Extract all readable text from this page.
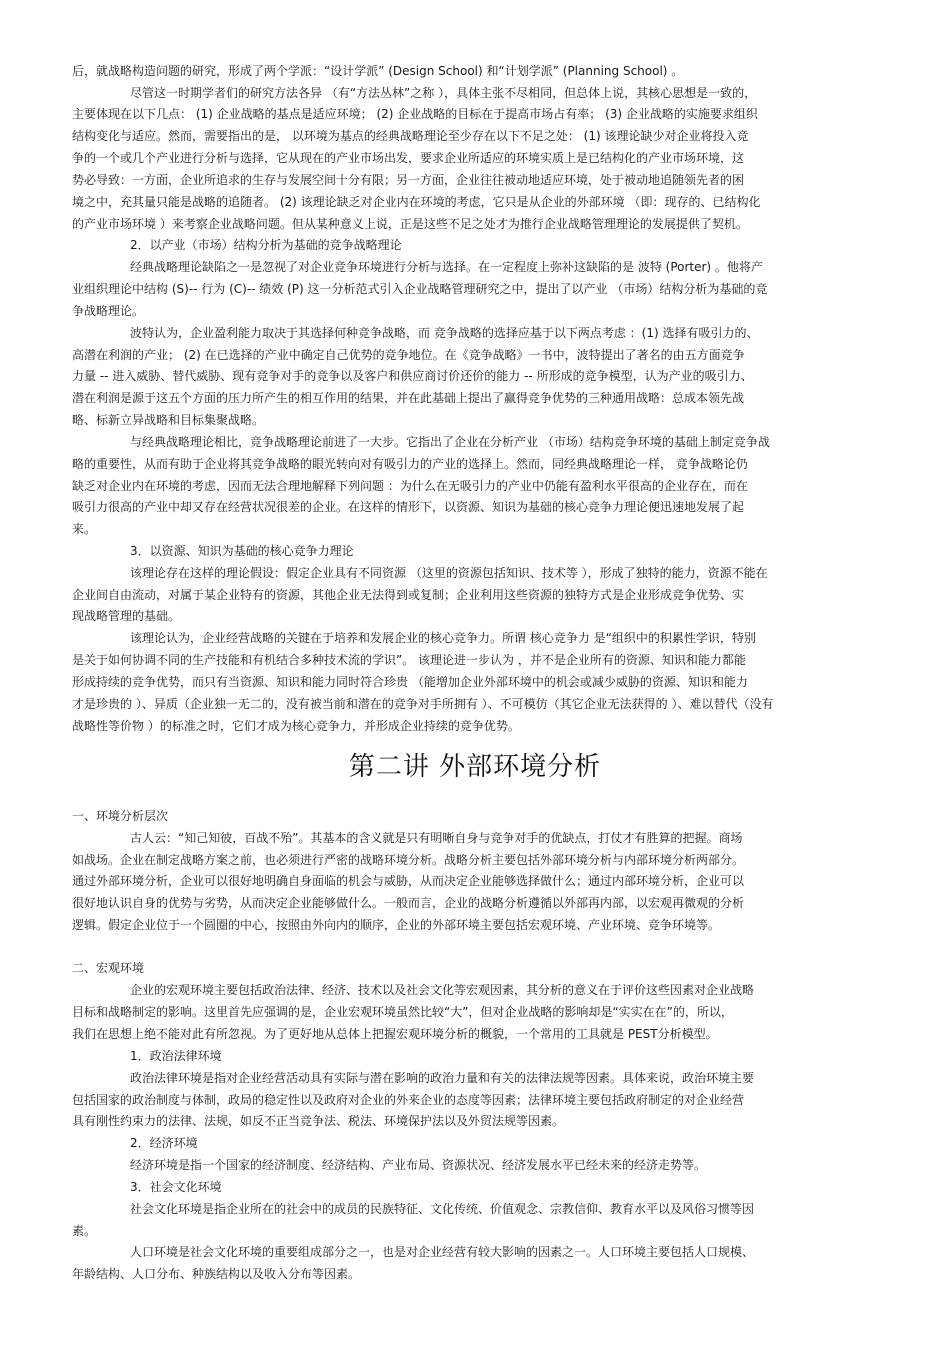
后，就战略构造问题的研究，形成了两个学派：“设计学派” (Design School) 和“计划学派” (Planning School) 。
尽管这一时期学者们的研究方法各异 （有“方法丛林”之称 ），具体主张不尽相同，但总体上说，其核心思想是一致的，
主要体现在以下几点： (1) 企业战略的基点是适应环境； (2) 企业战略的目标在于提高市场占有率； (3) 企业战略的实施要求组织
结构变化与适应。然而，需要指出的是， 以环境为基点的经典战略理论至少存在以下不足之处： (1) 该理论缺少对企业将投入竞
争的一个或几个产业进行分析与选择，它从现在的产业市场出发，要求企业所适应的环境实质上是已结构化的产业市场环境，这
势必导致：一方面，企业所追求的生存与发展空间十分有限；另一方面，企业往往被动地适应环境，处于被动地追随领先者的困
境之中，充其量只能是战略的追随者。 (2) 该理论缺乏对企业内在环境的考虑，它只是从企业的外部环境 （即：现存的、已结构化
的产业市场环境 ）来考察企业战略问题。但从某种意义上说，正是这些不足之处才为推行企业战略管理理论的发展提供了契机。
2．以产业（市场）结构分析为基础的竞争战略理论
经典战略理论缺陷之一是忽视了对企业竞争环境进行分析与选择。在一定程度上弥补这缺陷的是 波特 (Porter) 。他将产
业组织理论中结构 (S)-- 行为 (C)-- 绩效 (P) 这一分析范式引入企业战略管理研究之中，提出了以产业 （市场）结构分析为基础的竞
争战略理论。
波特认为，企业盈利能力取决于其选择何种竞争战略，而 竞争战略的选择应基于以下两点考虑 ：(1) 选择有吸引力的、
高潜在利润的产业； (2) 在已选择的产业中确定自己优势的竞争地位。在《竞争战略》一书中，波特提出了著名的由五方面竞争
力量 -- 进入威胁、替代威胁、现有竞争对手的竞争以及客户和供应商讨价还价的能力 -- 所形成的竞争模型，认为产业的吸引力、
潜在利润是源于这五个方面的压力所产生的相互作用的结果，并在此基础上提出了赢得竞争优势的三种通用战略：总成本领先战
略、标新立异战略和目标集聚战略。
与经典战略理论相比，竞争战略理论前进了一大步。它指出了企业在分析产业 （市场）结构竞争环境的基础上制定竞争战
略的重要性，从而有助于企业将其竞争战略的眼光转向对有吸引力的产业的选择上。然而，同经典战略理论一样， 竞争战略论仍
缺乏对企业内在环境的考虑，因而无法合理地解释下列问题 ：为什么在无吸引力的产业中仍能有盈利水平很高的企业存在，而在
吸引力很高的产业中却又存在经营状况很差的企业。在这样的情形下，以资源、知识为基础的核心竞争力理论便迅速地发展了起
来。
3．以资源、知识为基础的核心竞争力理论
该理论存在这样的理论假设：假定企业具有不同资源 （这里的资源包括知识、技术等 ），形成了独特的能力，资源不能在
企业间自由流动，对属于某企业特有的资源，其他企业无法得到或复制；企业利用这些资源的独特方式是企业形成竞争优势、实
现战略管理的基础。
该理论认为，企业经营战略的关键在于培养和发展企业的核心竞争力。所谓 核心竞争力 是“组织中的积累性学识，特别
是关于如何协调不同的生产技能和有机结合多种技术流的学识”。 该理论进一步认为 ，并不是企业所有的资源、知识和能力都能
形成持续的竞争优势，而只有当资源、知识和能力同时符合珍贵 （能增加企业外部环境中的机会或减少威胁的资源、知识和能力
才是珍贵的 ）、异质（企业独一无二的，没有被当前和潜在的竞争对手所拥有 ）、不可模仿（其它企业无法获得的 ）、难以替代（没有
战略性等价物 ）的标准之时，它们才成为核心竞争力，并形成企业持续的竞争优势。
第二讲 外部环境分析
一、环境分析层次
古人云：“知己知彼，百战不殆”。其基本的含义就是只有明晰自身与竞争对手的优缺点，打仗才有胜算的把握。商场
如战场。企业在制定战略方案之前，也必须进行严密的战略环境分析。战略分析主要包括外部环境分析与内部环境分析两部分。
通过外部环境分析，企业可以很好地明确自身面临的机会与威胁，从而决定企业能够选择做什么；通过内部环境分析，企业可以
很好地认识自身的优势与劣势，从而决定企业能够做什么。一般而言，企业的战略分析遵循以外部再内部，以宏观再微观的分析
逻辑。假定企业位于一个圆圈的中心，按照由外向内的顺序，企业的外部环境主要包括宏观环境、产业环境、竞争环境等。
二、宏观环境
企业的宏观环境主要包括政治法律、经济、技术以及社会文化等宏观因素，其分析的意义在于评价这些因素对企业战略
目标和战略制定的影响。这里首先应强调的是，企业宏观环境虽然比较“大”，但对企业战略的影响却是“实实在在”的，所以，
我们在思想上绝不能对此有所忽视。为了更好地从总体上把握宏观环境分析的概貌，一个常用的工具就是 PEST分析模型。
1．政治法律环境
政治法律环境是指对企业经营活动具有实际与潜在影响的政治力量和有关的法律法规等因素。具体来说，政治环境主要
包括国家的政治制度与体制，政局的稳定性以及政府对企业的外来企业的态度等因素；法律环境主要包括政府制定的对企业经营
具有刚性约束力的法律、法规，如反不正当竞争法、税法、环境保护法以及外贸法规等因素。
2．经济环境
经济环境是指一个国家的经济制度、经济结构、产业布局、资源状况、经济发展水平已经未来的经济走势等。
3．社会文化环境
社会文化环境是指企业所在的社会中的成员的民族特征、文化传统、价值观念、宗教信仰、教育水平以及风俗习惯等因
素。
人口环境是社会文化环境的重要组成部分之一，也是对企业经营有较大影响的因素之一。人口环境主要包括人口规模、
年龄结构、人口分布、种族结构以及收入分布等因素。
